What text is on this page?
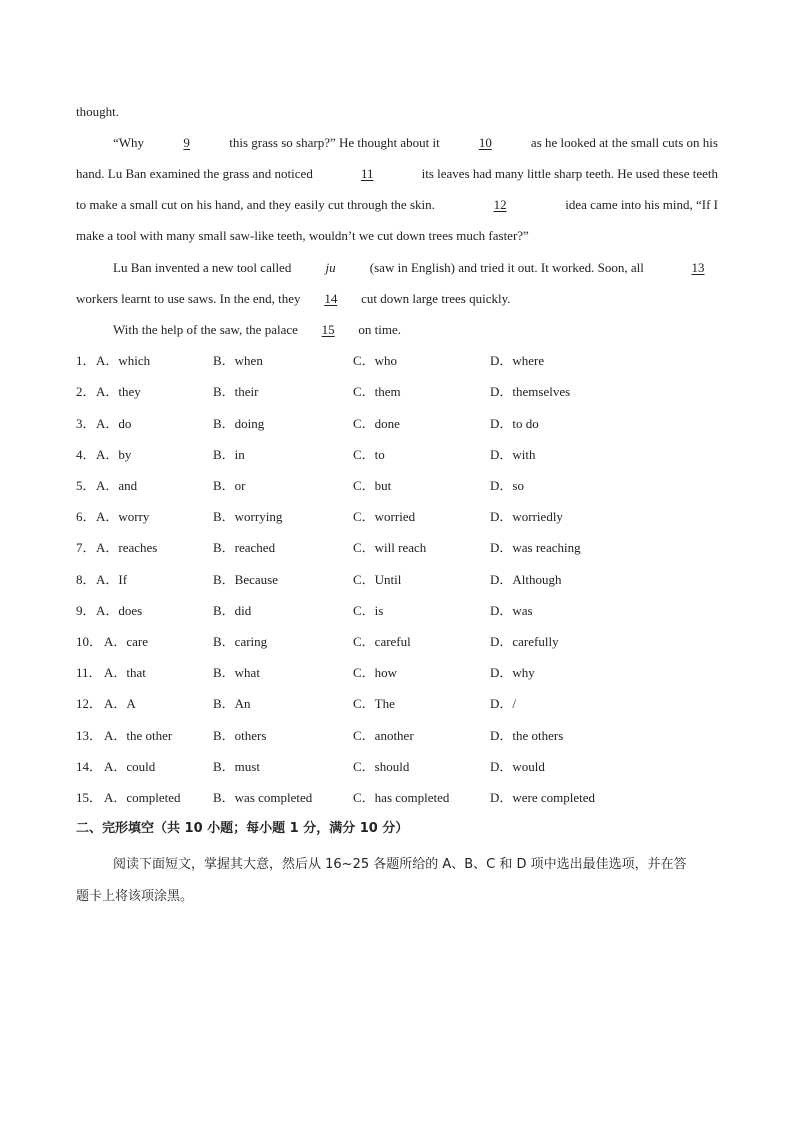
thought.
“Why	9	this grass so sharp?” He thought about it	10	as he looked at the small cuts on his
hand. Lu Ban examined the grass and noticed	11	its leaves had many little sharp teeth. He used these teeth
to make a small cut on his hand, and they easily cut through the skin.	12	idea came into his mind, “If I
make a tool with many small saw-like teeth, wouldn’t we cut down trees much faster?”
Lu Ban invented a new tool called	ju	(saw in English) and tried it out. It worked. Soon, all	13
workers learnt to use saws. In the end, they 14 cut down large trees quickly.
With the help of the saw, the palace 15 on time.
1． A．which	B．when	C．who	D．where
2． A．they	B．their	C．them	D．themselves
3． A．do	B．doing	C．done	D．to do
4． A．by	B．in	C．to	D．with
5． A．and	B．or	C．but	D．so
6． A．worry	B．worrying	C．worried	D．worriedly
7． A．reaches	B．reached	C．will reach	D．was reaching
8． A．If	B．Because	C．Until	D．Although
9． A．does	B．did	C．is	D．was
10． A．care	B．caring	C．careful	D．carefully
11． A．that	B．what	C．how	D．why
12． A．A	B．An	C．The	D．/
13． A．the other	B．others	C．another	D．the others
14． A．could	B．must	C．should	D．would
15． A．completed B．was completed	C．has completed	D．were completed
二、完形填空（共 10 小题；每小题 1 分，满分 10 分）
阅读下面短文，掌握其大意，然后从 16~25 各题所给的 A、B、C 和 D 项中选出最佳选项，并在答
题卡上将该项涂黑。
